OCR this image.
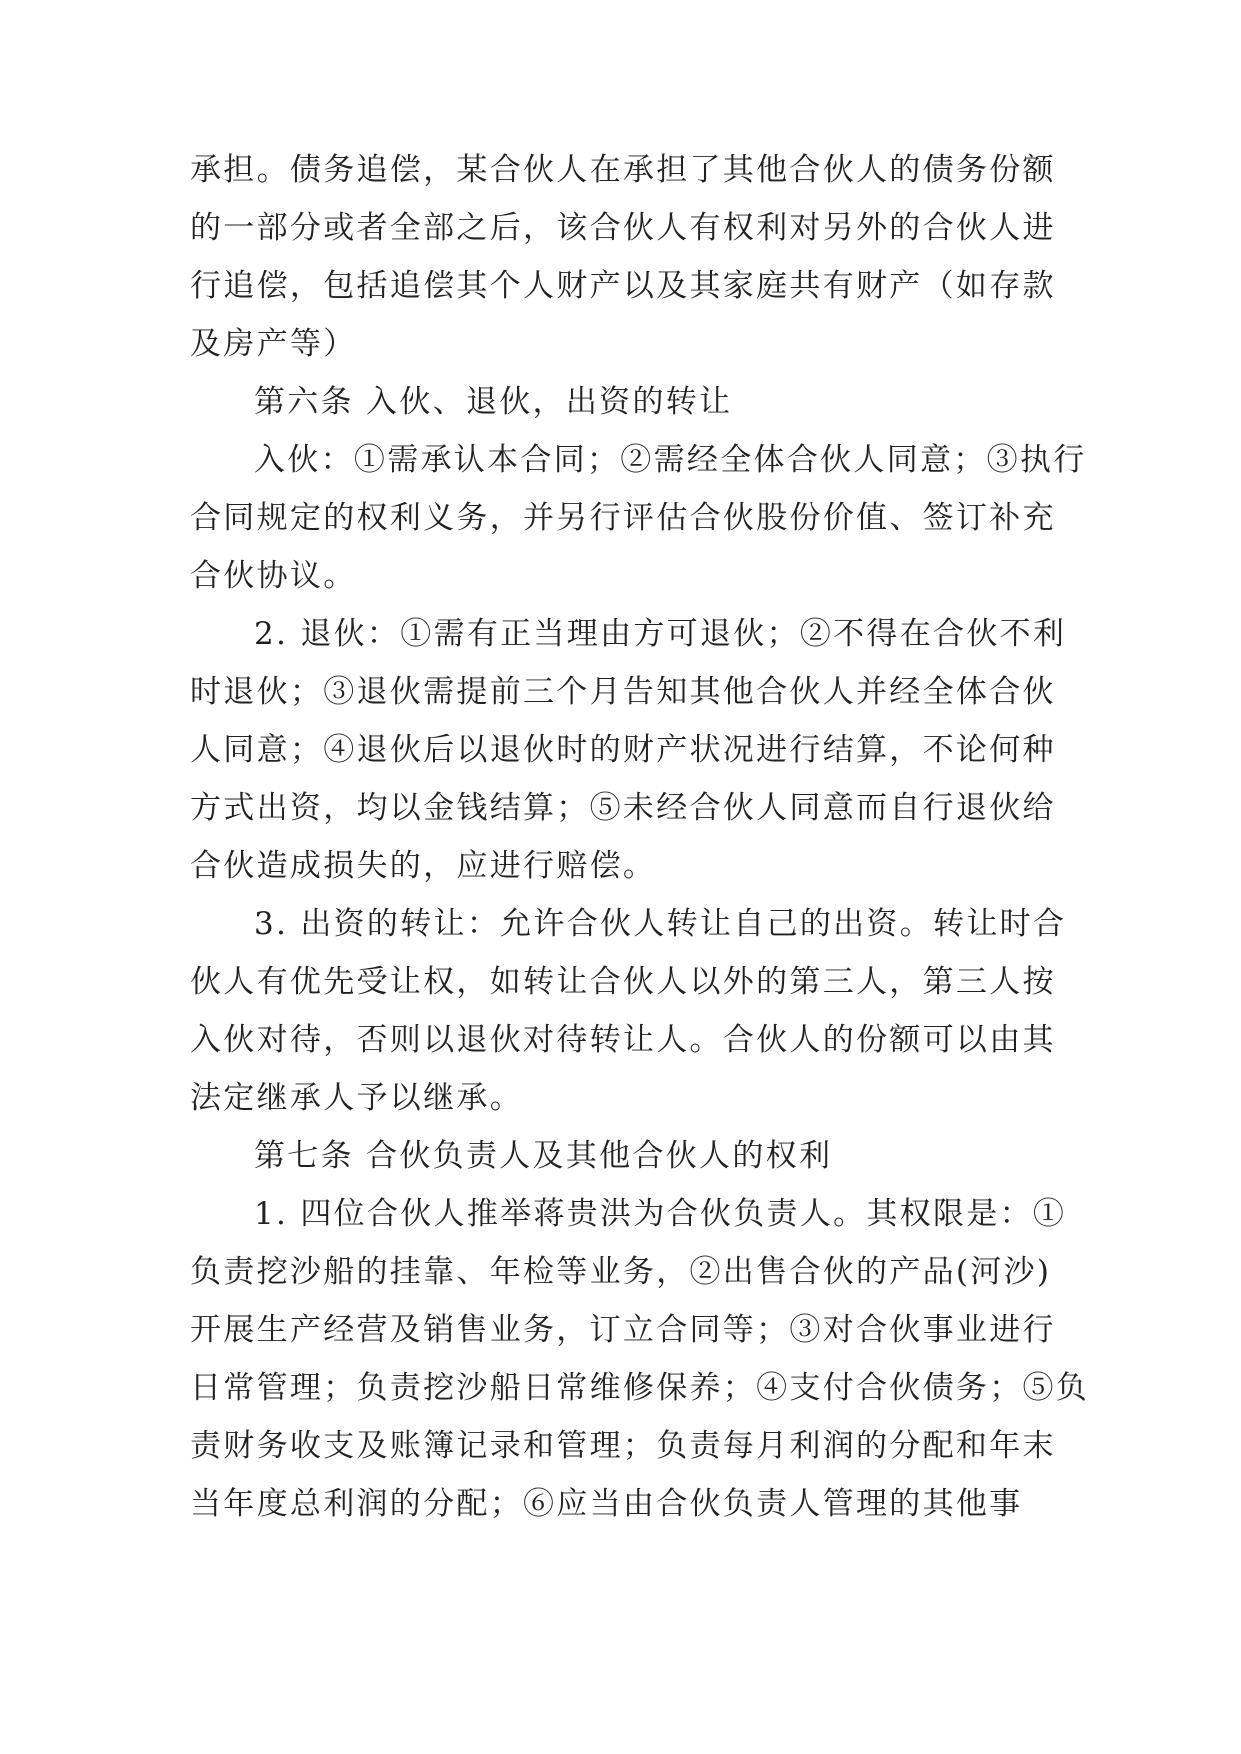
承担。债务追偿，某合伙人在承担了其他合伙人的债务份额
的一部分或者全部之后，该合伙人有权利对另外的合伙人进
行追偿，包括追偿其个人财产以及其家庭共有财产（如存款
及房产等）
第六条 入伙、退伙，出资的转让
入伙：①需承认本合同；②需经全体合伙人同意；③执行
合同规定的权利义务，并另行评估合伙股份价值、签订补充
合伙协议。
2. 退伙：①需有正当理由方可退伙；②不得在合伙不利
时退伙；③退伙需提前三个月告知其他合伙人并经全体合伙
人同意；④退伙后以退伙时的财产状况进行结算，不论何种
方式出资，均以金钱结算；⑤未经合伙人同意而自行退伙给
合伙造成损失的，应进行赔偿。
3. 出资的转让：允许合伙人转让自己的出资。转让时合
伙人有优先受让权，如转让合伙人以外的第三人，第三人按
入伙对待，否则以退伙对待转让人。合伙人的份额可以由其
法定继承人予以继承。
第七条 合伙负责人及其他合伙人的权利
1. 四位合伙人推举蒋贵洪为合伙负责人。其权限是：①
负责挖沙船的挂靠、年检等业务，②出售合伙的产品(河沙)
开展生产经营及销售业务，订立合同等；③对合伙事业进行
日常管理；负责挖沙船日常维修保养；④支付合伙债务；⑤负
责财务收支及账簿记录和管理；负责每月利润的分配和年末
当年度总利润的分配；⑥应当由合伙负责人管理的其他事
